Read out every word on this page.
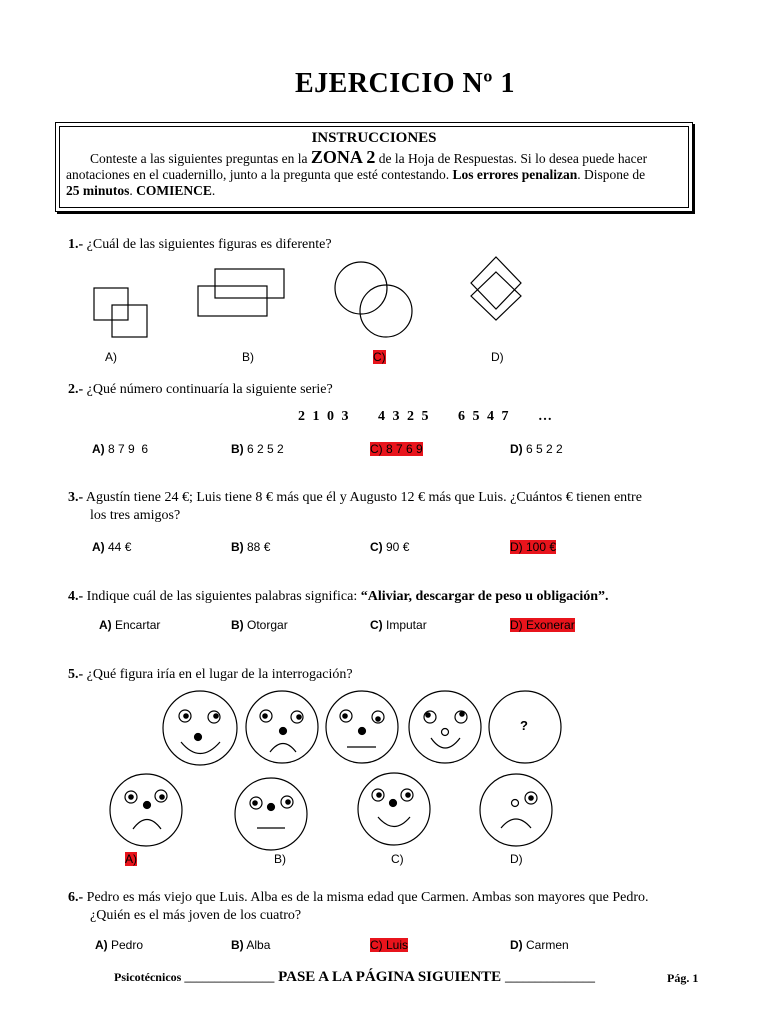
EJERCICIO Nº 1
INSTRUCCIONES
Conteste a las siguientes preguntas en la ZONA 2 de la Hoja de Respuestas. Si lo desea puede hacer
anotaciones en el cuadernillo, junto a la pregunta que esté contestando. Los errores penalizan. Dispone de
25 minutos. COMIENCE.
1.- ¿Cuál de las siguientes figuras es diferente?
A)	B)	C)	D)
2.- ¿Qué número continuaría la siguiente serie?
2 1 0 3     4 3 2 5     6 5 4 7     …
A) 8 7 9  6	B) 6 2 5 2	C) 8 7 6 9	D) 6 5 2 2
3.- Agustín tiene 24 €; Luis tiene 8 € más que él y Augusto 12 € más que Luis. ¿Cuántos € tienen entre
los tres amigos?
A) 44 €	B) 88 €	C) 90 €	D) 100 €
4.- Indique cuál de las siguientes palabras significa: “Aliviar, descargar de peso u obligación”.
A) Encartar	B) Otorgar	C) Imputar	D) Exonerar
5.- ¿Qué figura iría en el lugar de la interrogación?
?
A)	B)	C)	D)
6.- Pedro es más viejo que Luis. Alba es de la misma edad que Carmen. Ambas son mayores que Pedro.
¿Quién es el más joven de los cuatro?
A) Pedro	B) Alba	C) Luis	D) Carmen
Psicotécnicos _______________ PASE A LA PÁGINA SIGUIENTE _______________	Pág. 1
